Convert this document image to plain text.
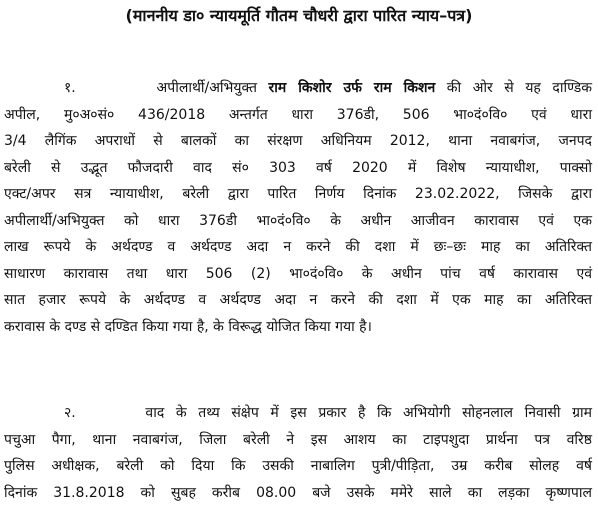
(माननीय डा० न्यायमूर्ति गौतम चौधरी द्वारा पारित न्याय–पत्र)
१.	अपीलार्थी/अभियुक्त राम किशोर उर्फ राम किशन की ओर से यह दाण्डिक
अपील, मु०अ०सं० 436/2018 अन्तर्गत धारा 376डी, 506 भा०दं०वि० एवं धारा
3/4 लैगिंक अपराधों से बालकों का संरक्षण अधिनियम 2012, थाना नवाबगंज, जनपद
बरेली से उद्भूत फौजदारी वाद सं० 303 वर्ष 2020 में विशेष न्यायाधीश, पाक्सो
एक्ट/अपर सत्र न्यायाधीश, बरेली द्वारा पारित निर्णय दिनांक 23.02.2022, जिसके द्वारा
अपीलार्थी/अभियुक्त को धारा 376डी भा०दं०वि० के अधीन आजीवन कारावास एवं एक
लाख रूपये के अर्थदण्ड व अर्थदण्ड अदा न करने की दशा में छः–छः माह का अतिरिक्त
साधारण कारावास तथा धारा 506 (2) भा०दं०वि० के अधीन पांच वर्ष कारावास एवं
सात हजार रूपये के अर्थदण्ड व अर्थदण्ड अदा न करने की दशा में एक माह का अतिरिक्त
करावास के दण्ड से दण्डित किया गया है, के विरूद्ध योजित किया गया है।
२.	वाद के तथ्य संक्षेप में इस प्रकार है कि अभियोगी सोहनलाल निवासी ग्राम
पचुआ पैगा, थाना नवाबगंज, जिला बरेली ने इस आशय का टाइपशुदा प्रार्थना पत्र वरिष्ठ
पुलिस अधीक्षक, बरेली को दिया कि उसकी नाबालिग पुत्री/पीड़िता, उम्र करीब सोलह वर्ष
दिनांक 31.8.2018 को सुबह करीब 08.00 बजे उसके ममेरे साले का लड़का कृष्णपाल
